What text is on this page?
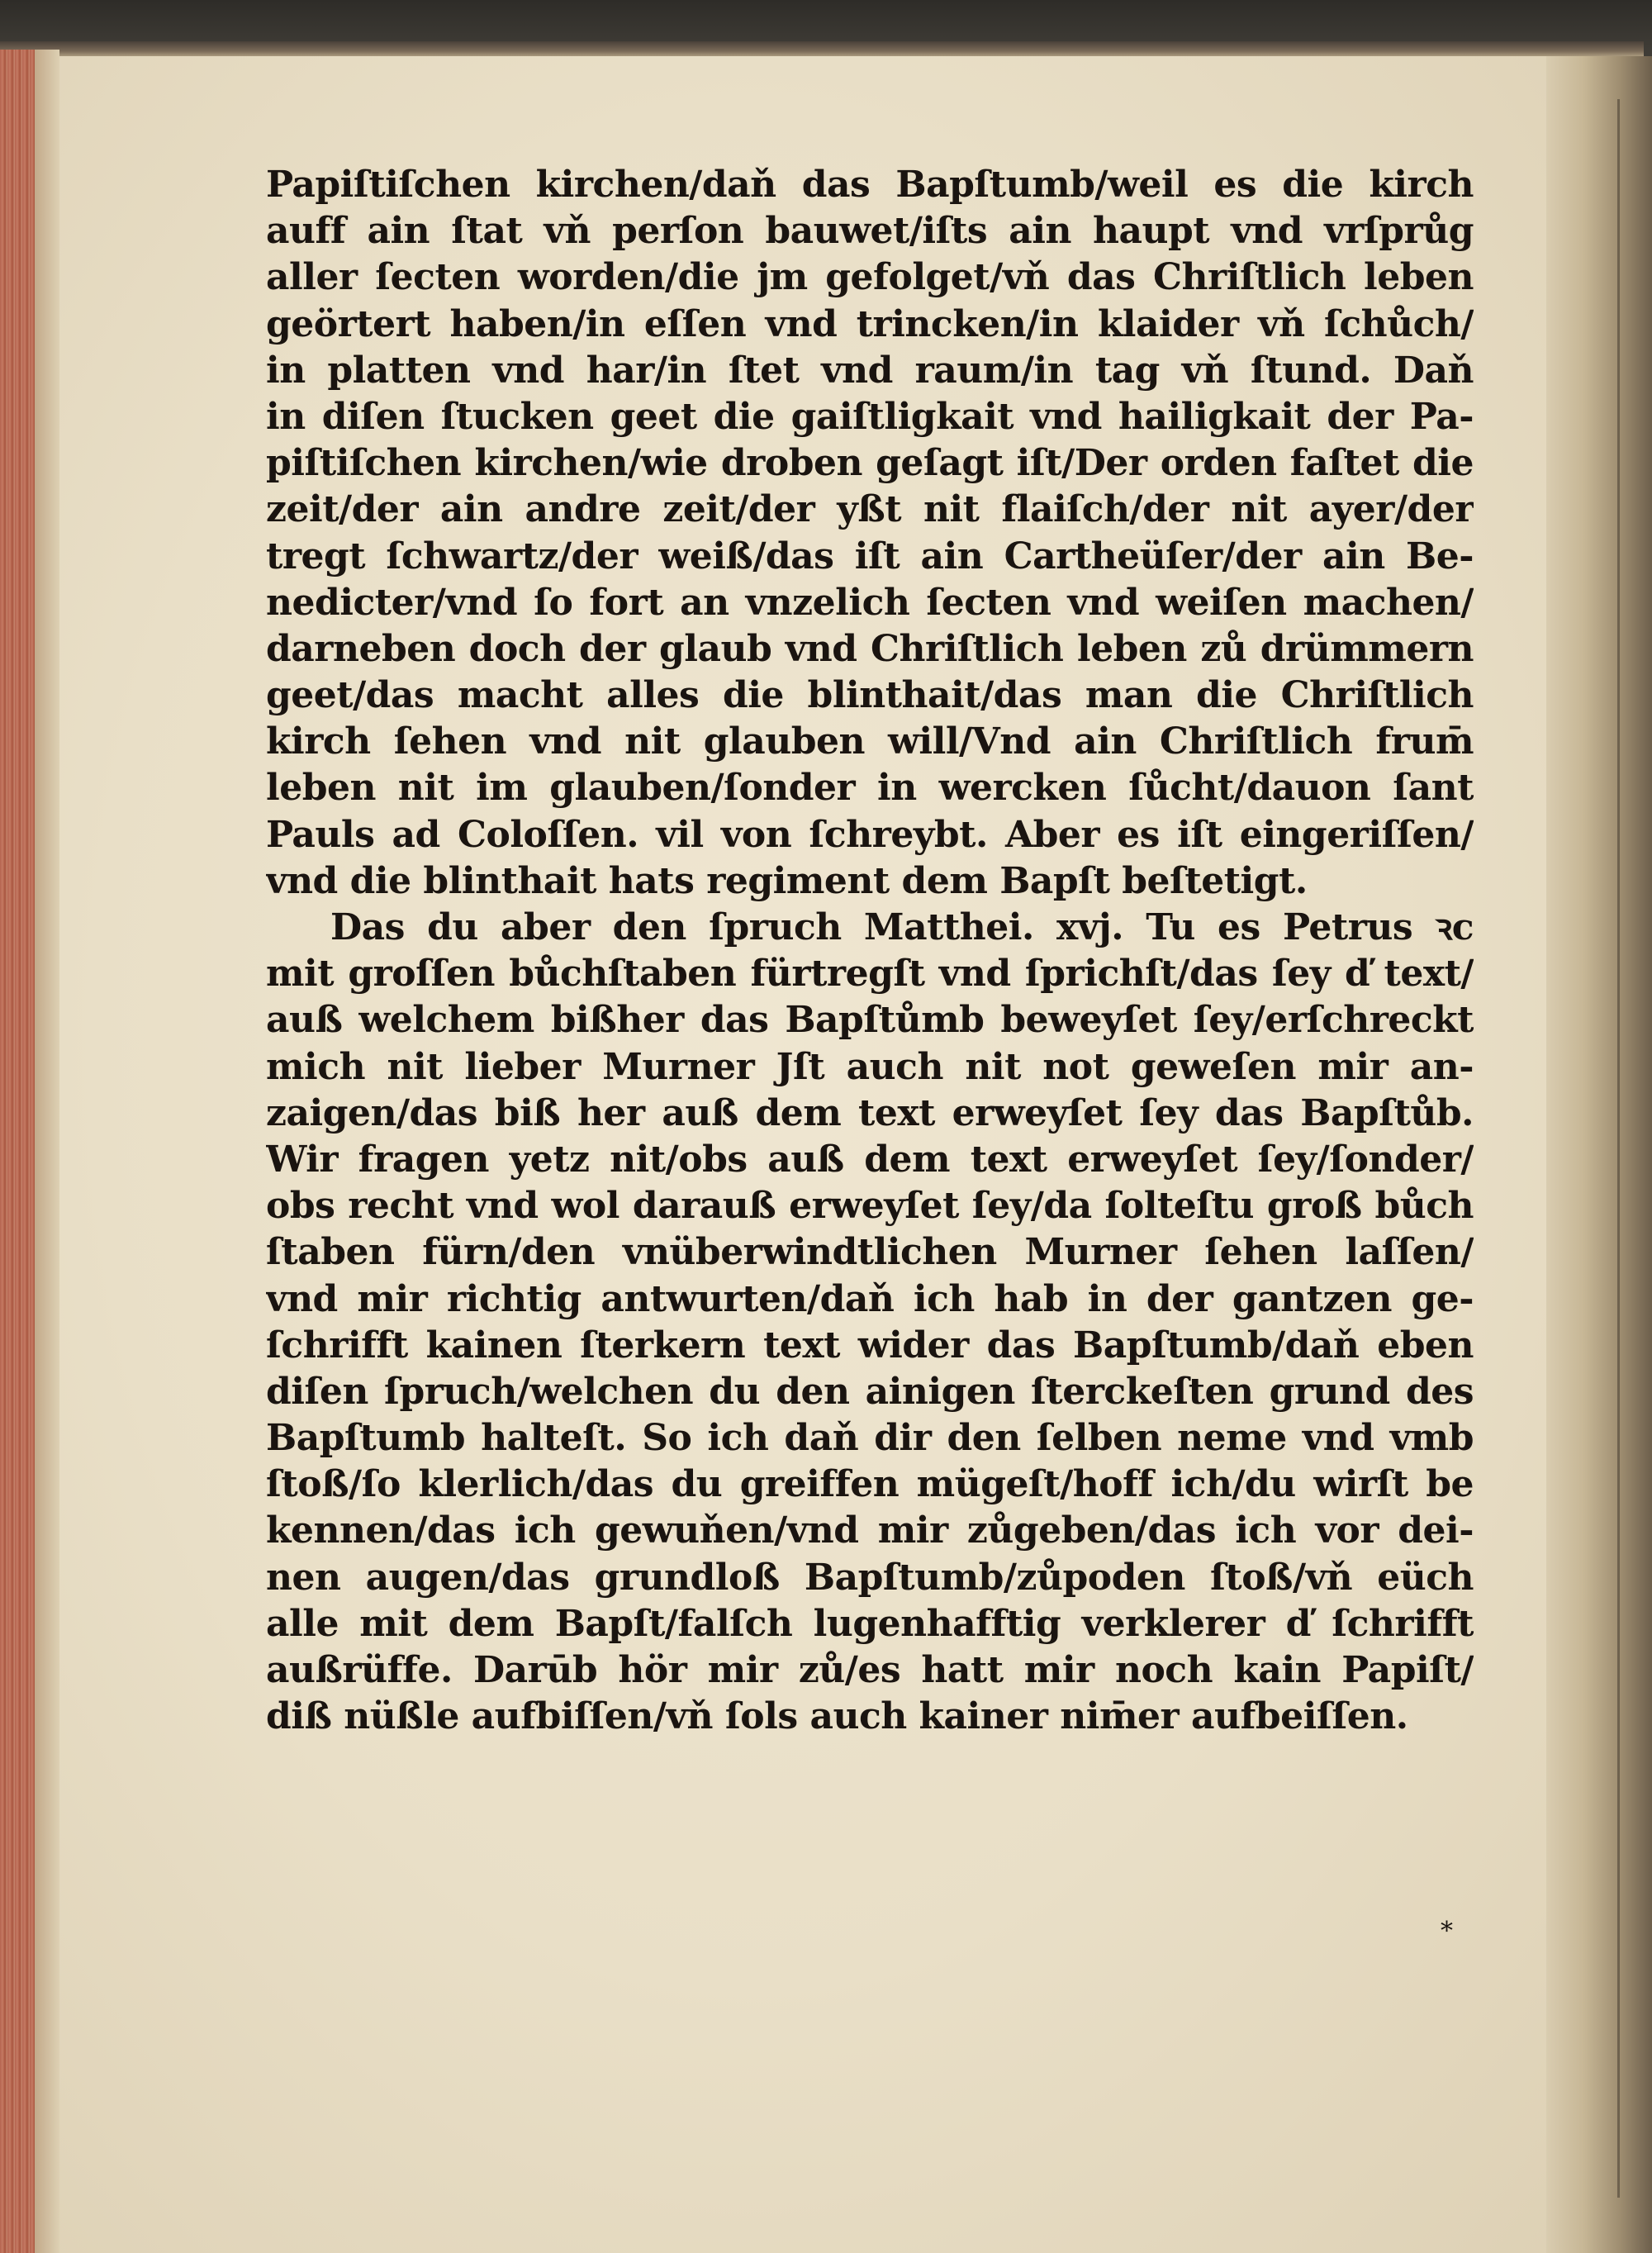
Papiſtiſchen kirchen/daň das Bapſtumb/weil es die kirch
auff ain ſtat vň perſon bauwet/iſts ain haupt vnd vrſprůg
aller ſecten worden/die jm gefolget/vň das Chriſtlich leben
geörtert haben/in eſſen vnd trincken/in klaider vň ſchůch/
in platten vnd har/in ſtet vnd raum/in tag vň ſtund. Daň
in diſen ſtucken geet die gaiſtligkait vnd hailigkait der Pa-
piſtiſchen kirchen/wie droben geſagt iſt/Der orden faſtet die
zeit/der ain andre zeit/der yßt nit flaiſch/der nit ayer/der
tregt ſchwartz/der weiß/das iſt ain Cartheüſer/der ain Be-
nedicter/vnd ſo fort an vnzelich ſecten vnd weiſen machen/
darneben doch der glaub vnd Chriſtlich leben zů drümmern
geet/das macht alles die blinthait/das man die Chriſtlich
kirch ſehen vnd nit glauben will/Vnd ain Chriſtlich frum̄
leben nit im glauben/ſonder in wercken ſůcht/dauon ſant
Pauls ad Coloſſen. vil von ſchreybt. Aber es iſt eingeriſſen/
vnd die blinthait hats regiment dem Bapſt beſtetigt.
Das du aber den ſpruch Matthei. xvj. Tu es Petrus ꝛc
mit groſſen bůchſtaben fürtregſt vnd ſprichſt/das ſey ď text/
auß welchem bißher das Bapſtůmb beweyſet ſey/erſchreckt
mich nit lieber Murner Jſt auch nit not geweſen mir an-
zaigen/das biß her auß dem text erweyſet ſey das Bapſtůb.
Wir fragen yetz nit/obs auß dem text erweyſet ſey/ſonder/
obs recht vnd wol darauß erweyſet ſey/da ſolteſtu groß bůch
ſtaben fürn/den vnüberwindtlichen Murner ſehen laſſen/
vnd mir richtig antwurten/daň ich hab in der gantzen ge-
ſchrifft kainen ſterkern text wider das Bapſtumb/daň eben
diſen ſpruch/welchen du den ainigen ſterckeſten grund des
Bapſtumb halteſt. So ich daň dir den ſelben neme vnd vmb
ſtoß/ſo klerlich/das du greiffen mügeſt/hoff ich/du wirſt be
kennen/das ich gewuňen/vnd mir zůgeben/das ich vor dei-
nen augen/das grundloß Bapſtumb/zůpoden ſtoß/vň eüch
alle mit dem Bapſt/falſch lugenhafftig verklerer ď ſchrifft
außrüffe. Darūb hör mir zů/es hatt mir noch kain Papiſt/
diß nüßle aufbiſſen/vň ſols auch kainer nim̄er aufbeiſſen.
*
